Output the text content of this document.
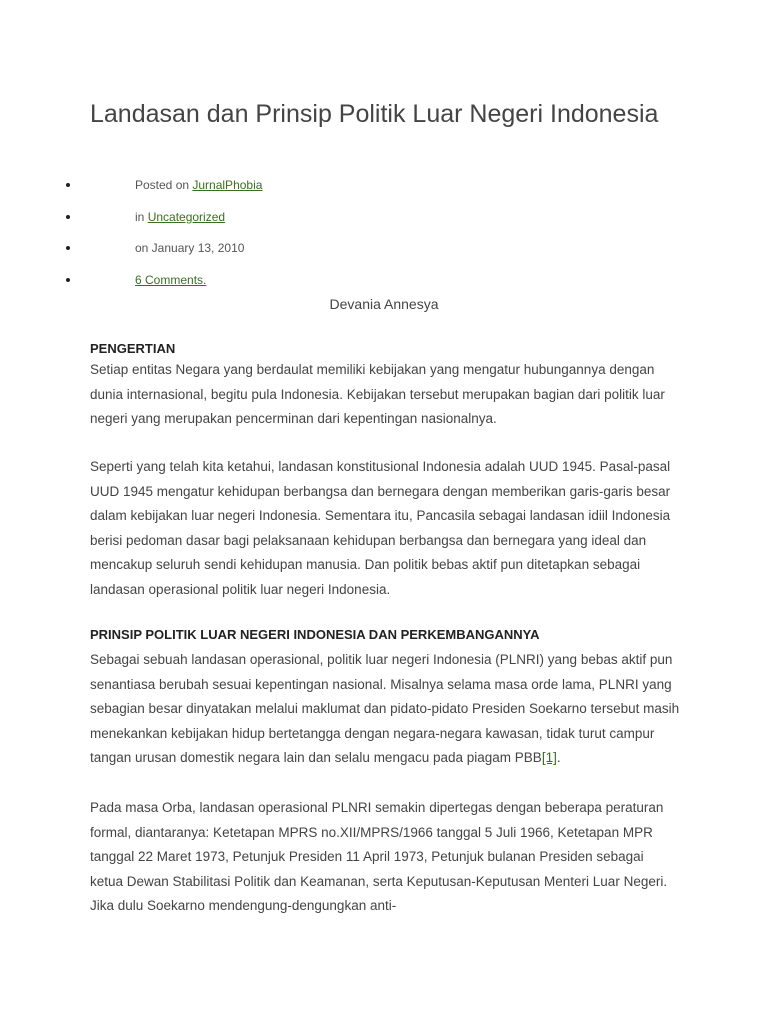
Landasan dan Prinsip Politik Luar Negeri Indonesia
Posted on JurnalPhobia
in Uncategorized
on January 13, 2010
6 Comments.
Devania Annesya
PENGERTIAN
Setiap entitas Negara yang berdaulat memiliki kebijakan yang mengatur hubungannya dengan dunia internasional, begitu pula Indonesia. Kebijakan tersebut merupakan bagian dari politik luar negeri yang merupakan pencerminan dari kepentingan nasionalnya.
Seperti yang telah kita ketahui, landasan konstitusional Indonesia adalah UUD 1945. Pasal-pasal UUD 1945 mengatur kehidupan berbangsa dan bernegara dengan memberikan garis-garis besar dalam kebijakan luar negeri Indonesia. Sementara itu, Pancasila sebagai landasan idiil Indonesia berisi pedoman dasar bagi pelaksanaan kehidupan berbangsa dan bernegara yang ideal dan mencakup seluruh sendi kehidupan manusia. Dan politik bebas aktif pun ditetapkan sebagai landasan operasional politik luar negeri Indonesia.
PRINSIP POLITIK LUAR NEGERI INDONESIA DAN PERKEMBANGANNYA
Sebagai sebuah landasan operasional, politik luar negeri Indonesia (PLNRI) yang bebas aktif pun senantiasa berubah sesuai kepentingan nasional. Misalnya selama masa orde lama, PLNRI yang sebagian besar dinyatakan melalui maklumat dan pidato-pidato Presiden Soekarno tersebut masih menekankan kebijakan hidup bertetangga dengan negara-negara kawasan, tidak turut campur tangan urusan domestik negara lain dan selalu mengacu pada piagam PBB[1].
Pada masa Orba, landasan operasional PLNRI semakin dipertegas dengan beberapa peraturan formal, diantaranya: Ketetapan MPRS no.XII/MPRS/1966 tanggal 5 Juli 1966, Ketetapan MPR tanggal 22 Maret 1973, Petunjuk Presiden 11 April 1973, Petunjuk bulanan Presiden sebagai ketua Dewan Stabilitasi Politik dan Keamanan, serta Keputusan-Keputusan Menteri Luar Negeri. Jika dulu Soekarno mendengung-dengungkan anti-
